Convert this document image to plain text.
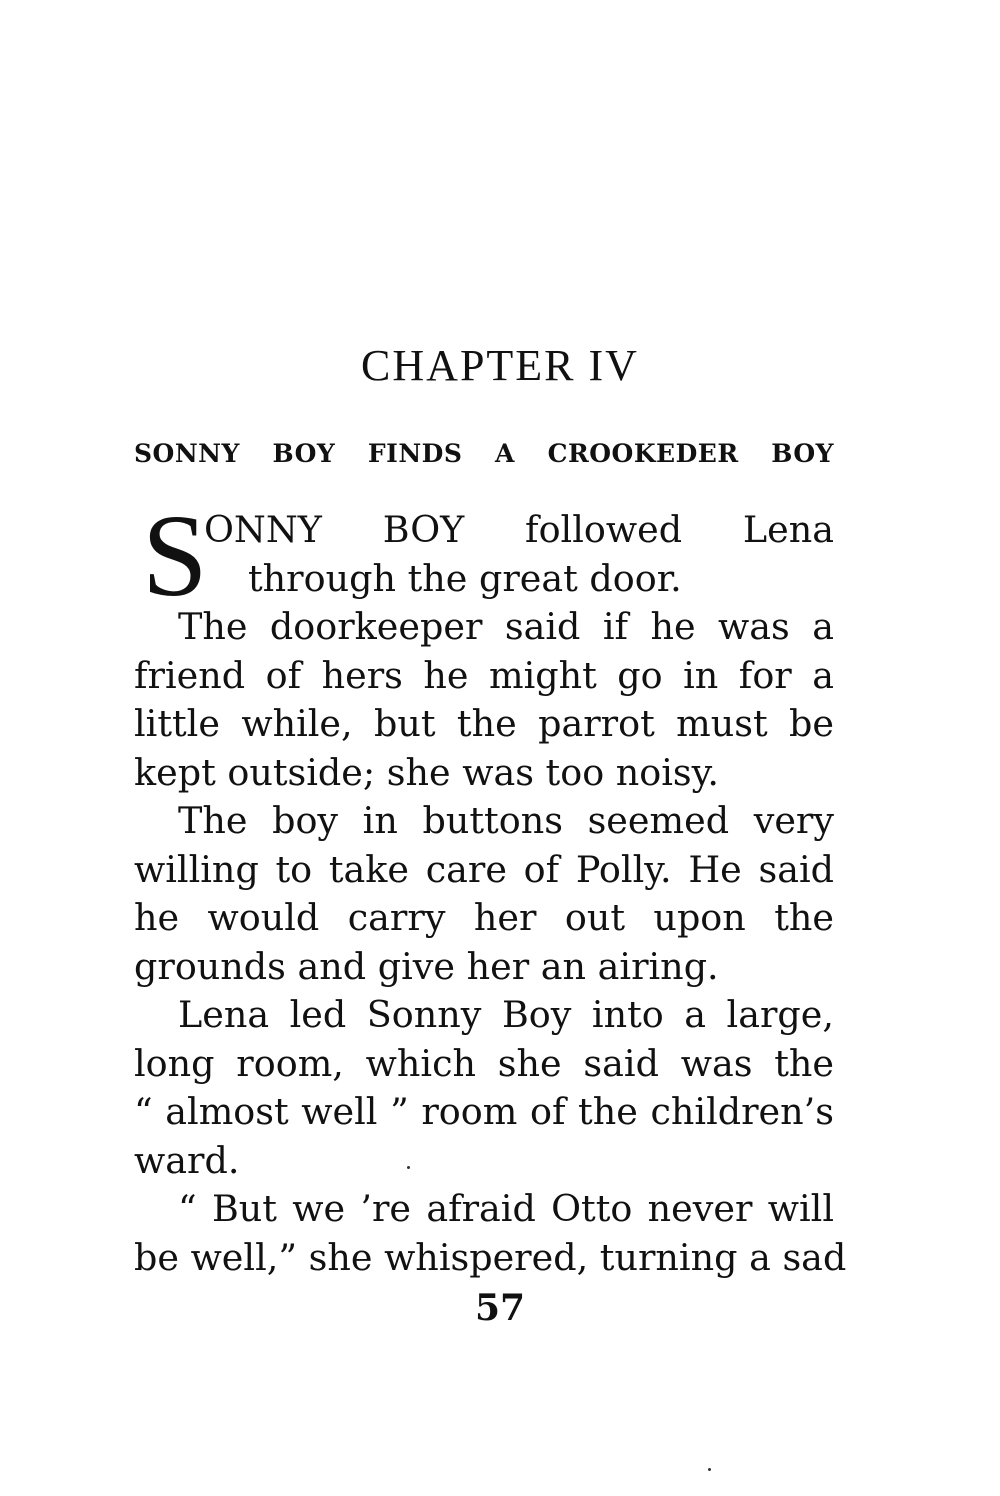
CHAPTER IV

SONNY BOY FINDS A CROOKEDER BOY

S
ONNY BOY followed Lena
through the great door.
The doorkeeper said if he was a
friend of hers he might go in for a
little while, but the parrot must be
kept outside; she was too noisy.
The boy in buttons seemed very
willing to take care of Polly. He said
he would carry her out upon the
grounds and give her an airing.
Lena led Sonny Boy into a large,
long room, which she said was the
“ almost well ” room of the children’s
ward.
“ But we ’re afraid Otto never will
be well,” she whispered, turning a sad

57
